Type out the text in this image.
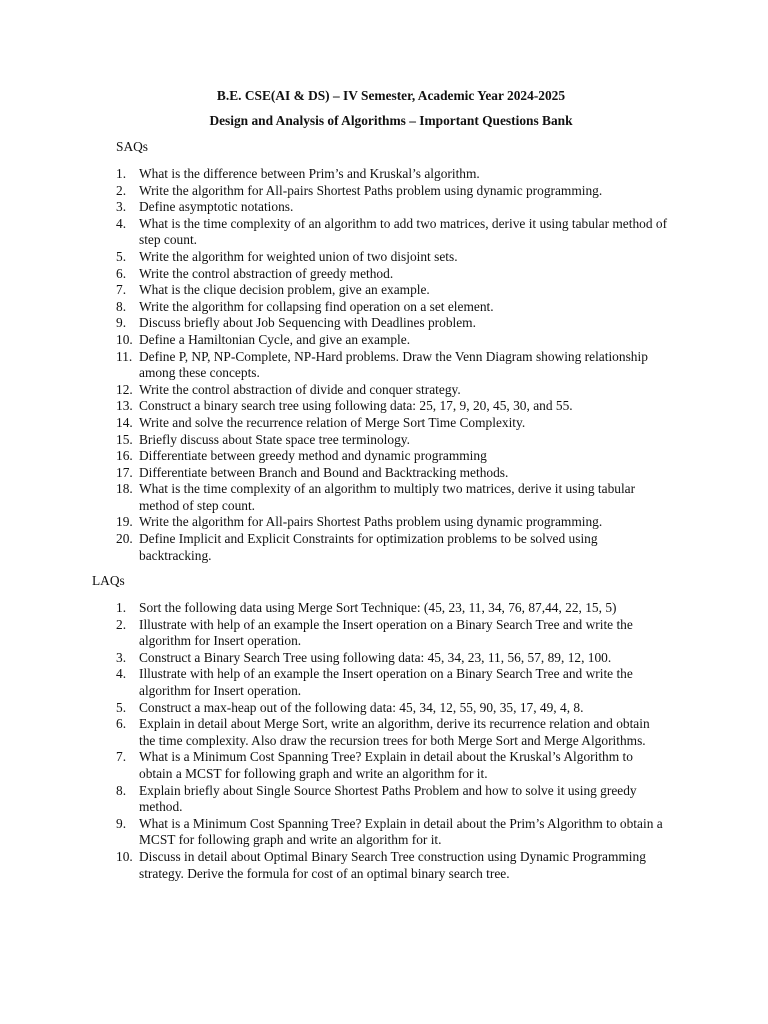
B.E. CSE(AI & DS) – IV Semester, Academic Year 2024-2025

Design and Analysis of Algorithms – Important Questions Bank

SAQs

1. What is the difference between Prim’s and Kruskal’s algorithm.
2. Write the algorithm for All-pairs Shortest Paths problem using dynamic programming.
3. Define asymptotic notations.
4. What is the time complexity of an algorithm to add two matrices, derive it using tabular method of step count.
5. Write the algorithm for weighted union of two disjoint sets.
6. Write the control abstraction of greedy method.
7. What is the clique decision problem, give an example.
8. Write the algorithm for collapsing find operation on a set element.
9. Discuss briefly about Job Sequencing with Deadlines problem.
10. Define a Hamiltonian Cycle, and give an example.
11. Define P, NP, NP-Complete, NP-Hard problems. Draw the Venn Diagram showing relationship among these concepts.
12. Write the control abstraction of divide and conquer strategy.
13. Construct a binary search tree using following data: 25, 17, 9, 20, 45, 30, and 55.
14. Write and solve the recurrence relation of Merge Sort Time Complexity.
15. Briefly discuss about State space tree terminology.
16. Differentiate between greedy method and dynamic programming
17. Differentiate between Branch and Bound and Backtracking methods.
18. What is the time complexity of an algorithm to multiply two matrices, derive it using tabular method of step count.
19. Write the algorithm for All-pairs Shortest Paths problem using dynamic programming.
20. Define Implicit and Explicit Constraints for optimization problems to be solved using backtracking.

LAQs

1. Sort the following data using Merge Sort Technique: (45, 23, 11, 34, 76, 87,44, 22, 15, 5)
2. Illustrate with help of an example the Insert operation on a Binary Search Tree and write the algorithm for Insert operation.
3. Construct a Binary Search Tree using following data: 45, 34, 23, 11, 56, 57, 89, 12, 100.
4. Illustrate with help of an example the Insert operation on a Binary Search Tree and write the algorithm for Insert operation.
5. Construct a max-heap out of the following data: 45, 34, 12, 55, 90, 35, 17, 49, 4, 8.
6. Explain in detail about Merge Sort, write an algorithm, derive its recurrence relation and obtain the time complexity. Also draw the recursion trees for both Merge Sort and Merge Algorithms.
7. What is a Minimum Cost Spanning Tree? Explain in detail about the Kruskal’s Algorithm to obtain a MCST for following graph and write an algorithm for it.
8. Explain briefly about Single Source Shortest Paths Problem and how to solve it using greedy method.
9. What is a Minimum Cost Spanning Tree? Explain in detail about the Prim’s Algorithm to obtain a MCST for following graph and write an algorithm for it.
10. Discuss in detail about Optimal Binary Search Tree construction using Dynamic Programming strategy. Derive the formula for cost of an optimal binary search tree.
